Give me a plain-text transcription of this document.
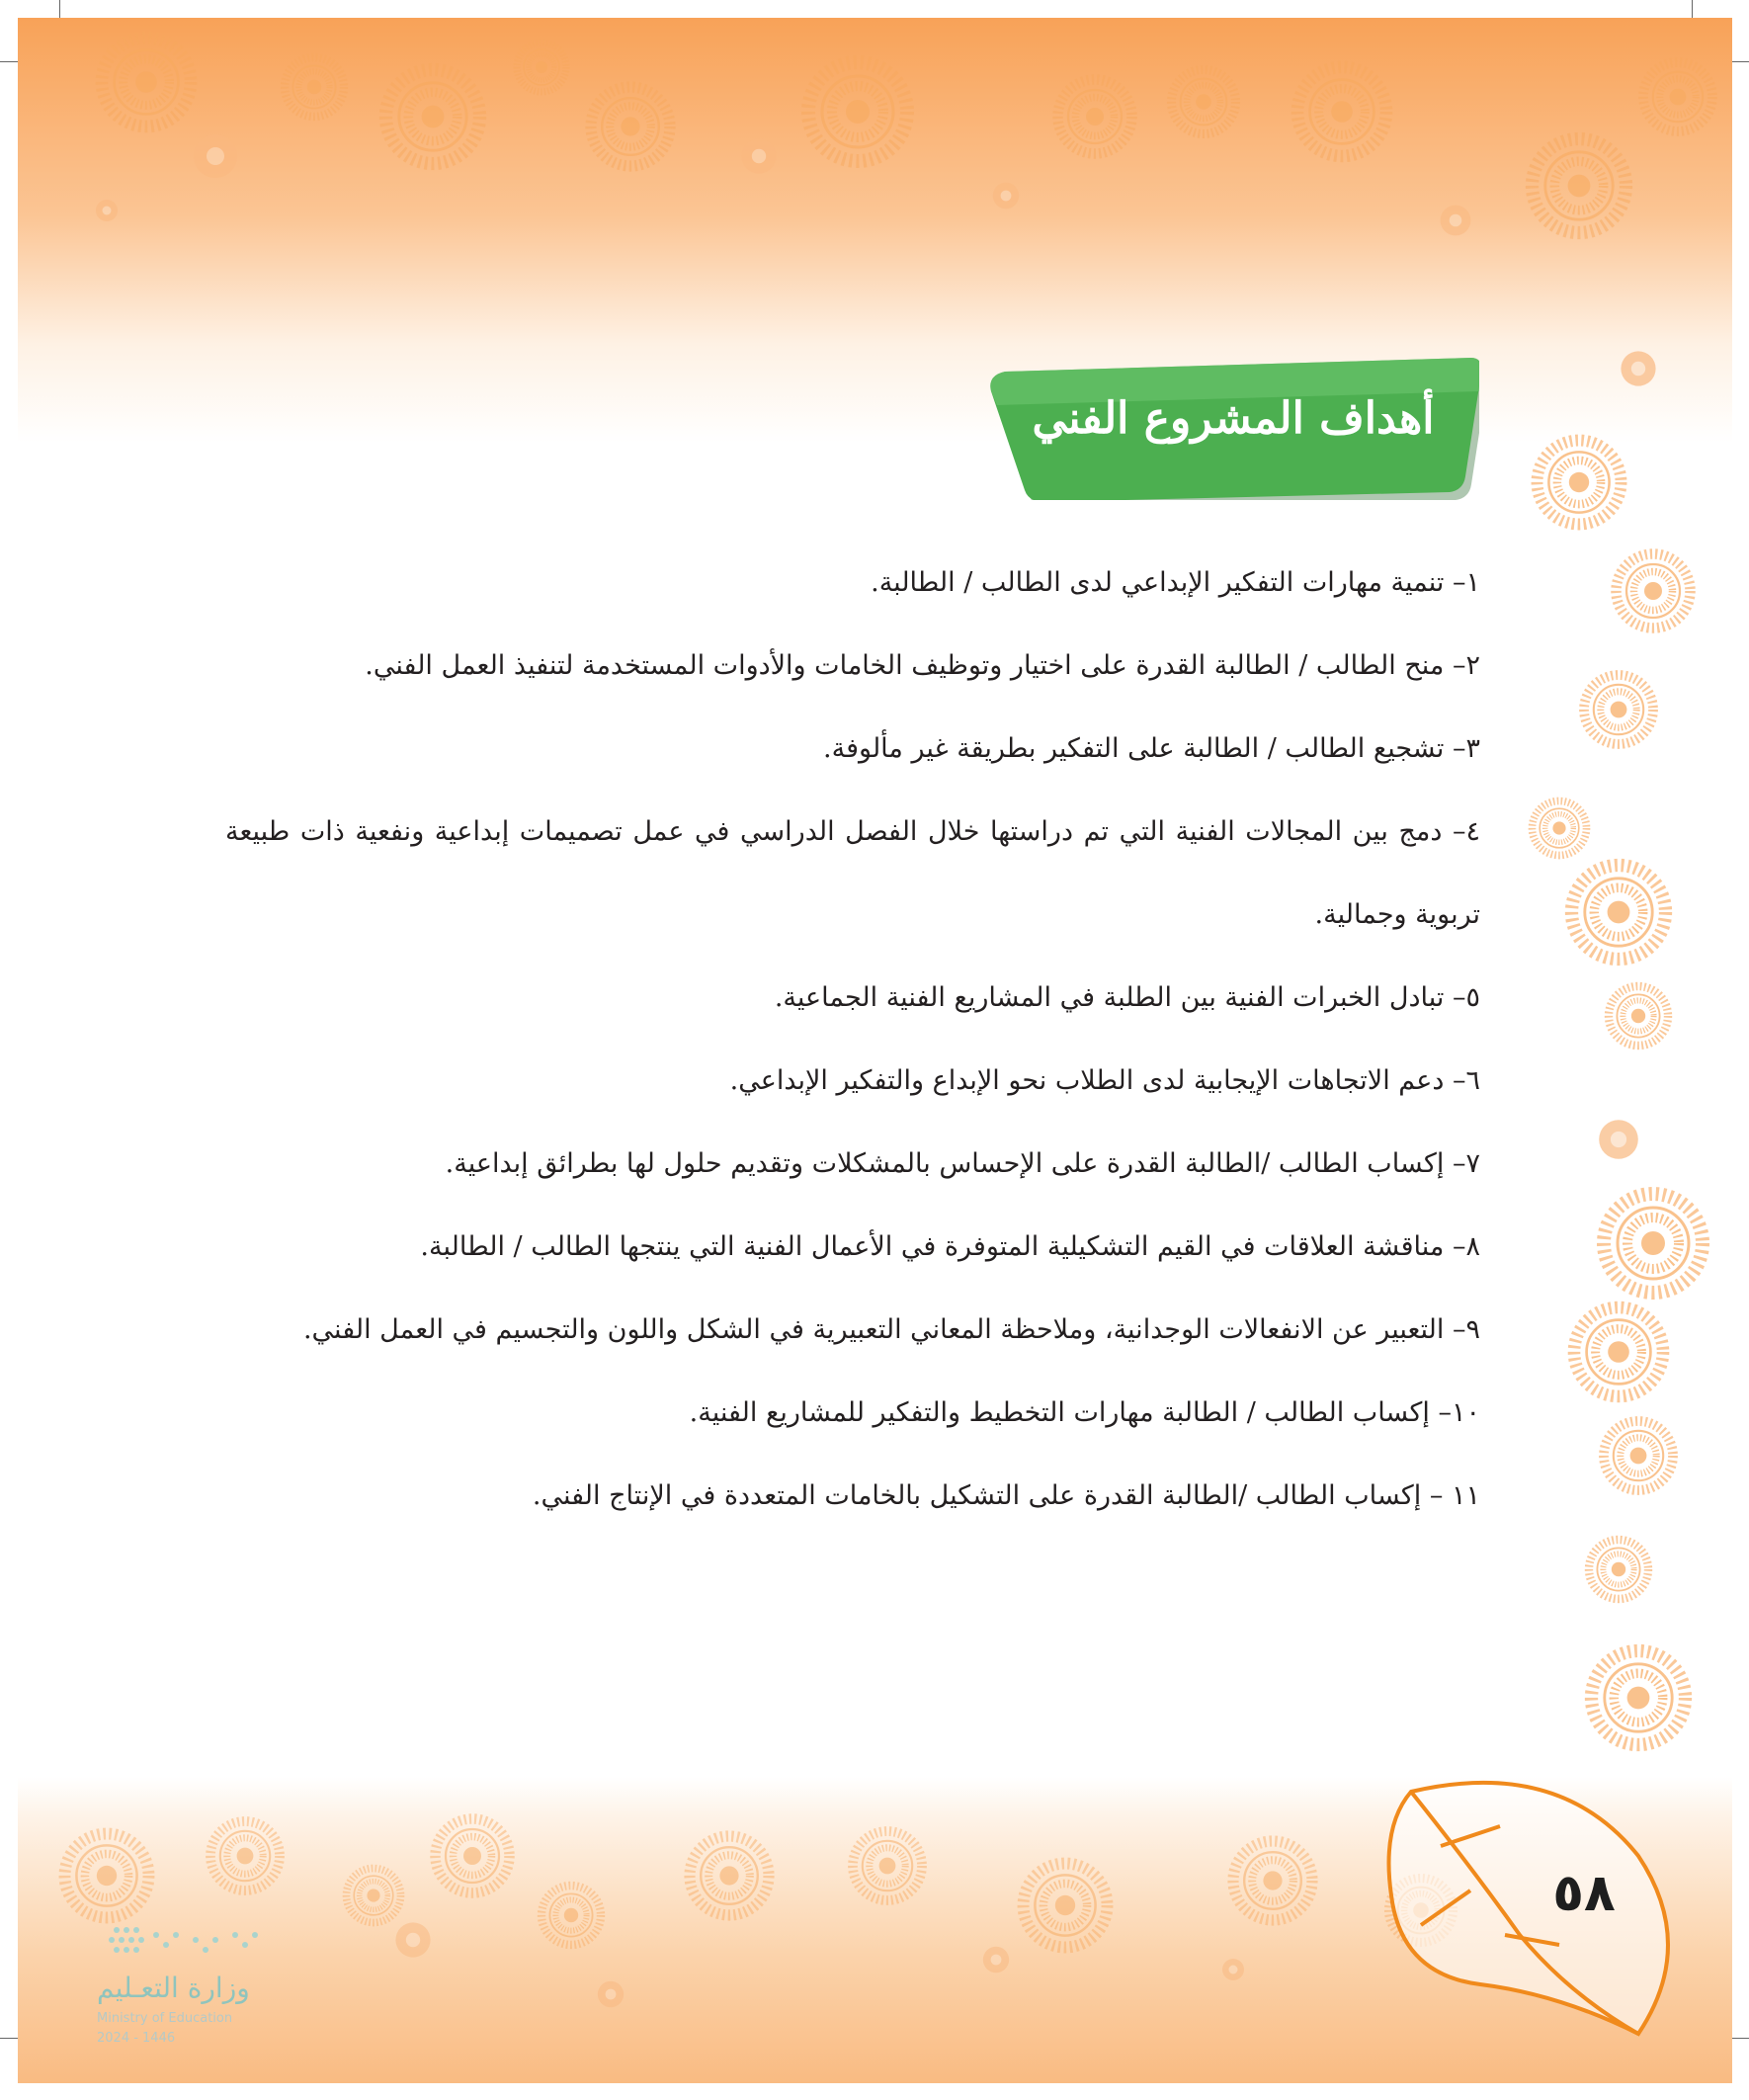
أهداف المشروع الفني
١– تنمية مهارات التفكير الإبداعي لدى الطالب / الطالبة.
٢– منح الطالب / الطالبة القدرة على اختيار وتوظيف الخامات والأدوات المستخدمة لتنفيذ العمل الفني.
٣– تشجيع الطالب / الطالبة على التفكير بطريقة غير مألوفة.
٤– دمج بين المجالات الفنية التي تم دراستها خلال الفصل الدراسي في عمل تصميمات إبداعية ونفعية ذات طبيعة تربوية وجمالية.
٥– تبادل الخبرات الفنية بين الطلبة في المشاريع الفنية الجماعية.
٦– دعم الاتجاهات الإيجابية لدى الطلاب نحو الإبداع والتفكير الإبداعي.
٧– إكساب الطالب /الطالبة القدرة على الإحساس بالمشكلات وتقديم حلول لها بطرائق إبداعية.
٨– مناقشة العلاقات في القيم التشكيلية المتوفرة في الأعمال الفنية التي ينتجها الطالب / الطالبة.
٩– التعبير عن الانفعالات الوجدانية، وملاحظة المعاني التعبيرية في الشكل واللون والتجسيم في العمل الفني.
١٠– إكساب الطالب / الطالبة مهارات التخطيط والتفكير للمشاريع الفنية.
١١ – إكساب الطالب /الطالبة القدرة على التشكيل بالخامات المتعددة في الإنتاج الفني.
٥٨
وزارة التعـليم
Ministry of Education
2024 - 1446
